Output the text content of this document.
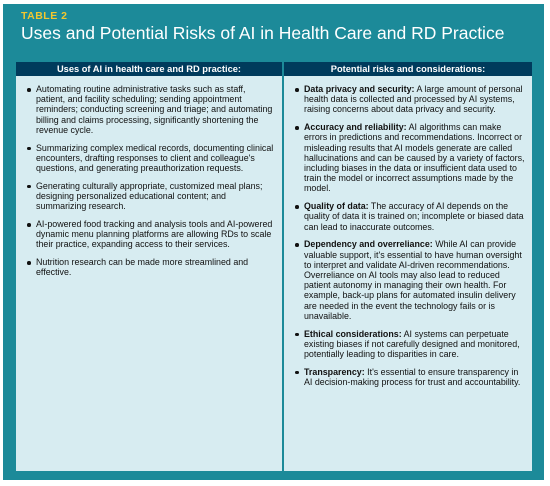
TABLE 2
Uses and Potential Risks of AI in Health Care and RD Practice
Uses of AI in health care and RD practice:	Potential risks and considerations:
Automating routine administrative tasks such as staff, patient, and facility scheduling; sending appointment reminders; conducting screening and triage; and automating billing and claims processing, significantly shortening the revenue cycle.
Summarizing complex medical records, documenting clinical encounters, drafting responses to client and colleague's questions, and generating preauthorization requests.
Generating culturally appropriate, customized meal plans; designing personalized educational content; and summarizing research.
AI-powered food tracking and analysis tools and AI-powered dynamic menu planning platforms are allowing RDs to scale their practice, expanding access to their services.
Nutrition research can be made more streamlined and effective.
Data privacy and security: A large amount of personal health data is collected and processed by AI systems, raising concerns about data privacy and security.
Accuracy and reliability: AI algorithms can make errors in predictions and recommendations. Incorrect or misleading results that AI models generate are called hallucinations and can be caused by a variety of factors, including biases in the data or insufficient data used to train the model or incorrect assumptions made by the model.
Quality of data: The accuracy of AI depends on the quality of data it is trained on; incomplete or biased data can lead to inaccurate outcomes.
Dependency and overreliance: While AI can provide valuable support, it's essential to have human oversight to interpret and validate AI-driven recommendations. Overreliance on AI tools may also lead to reduced patient autonomy in managing their own health. For example, back-up plans for automated insulin delivery are needed in the event the technology fails or is unavailable.
Ethical considerations: AI systems can perpetuate existing biases if not carefully designed and monitored, potentially leading to disparities in care.
Transparency: It's essential to ensure transparency in AI decision-making process for trust and accountability.
